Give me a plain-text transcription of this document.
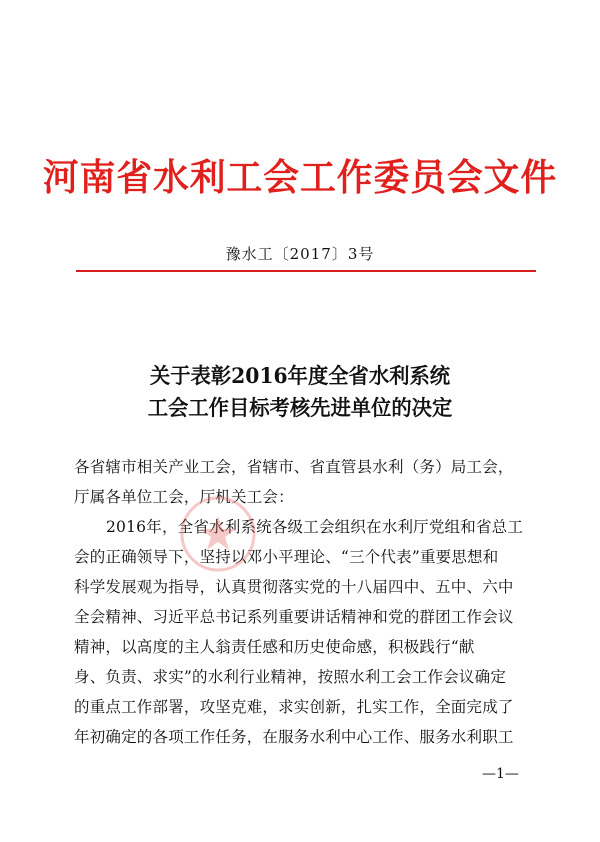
河南省水利工会工作委员会文件
豫水工〔2017〕3号
关于表彰2016年度全省水利系统
工会工作目标考核先进单位的决定
各省辖市相关产业工会，省辖市、省直管县水利（务）局工会，
厅属各单位工会，厅机关工会：
2016年，全省水利系统各级工会组织在水利厅党组和省总工
会的正确领导下，坚持以邓小平理论、“三个代表”重要思想和
科学发展观为指导，认真贯彻落实党的十八届四中、五中、六中
全会精神、习近平总书记系列重要讲话精神和党的群团工作会议
精神，以高度的主人翁责任感和历史使命感，积极践行“献
身、负责、求实”的水利行业精神，按照水利工会工作会议确定
的重点工作部署，攻坚克难，求实创新，扎实工作，全面完成了
年初确定的各项工作任务，在服务水利中心工作、服务水利职工
—1—
